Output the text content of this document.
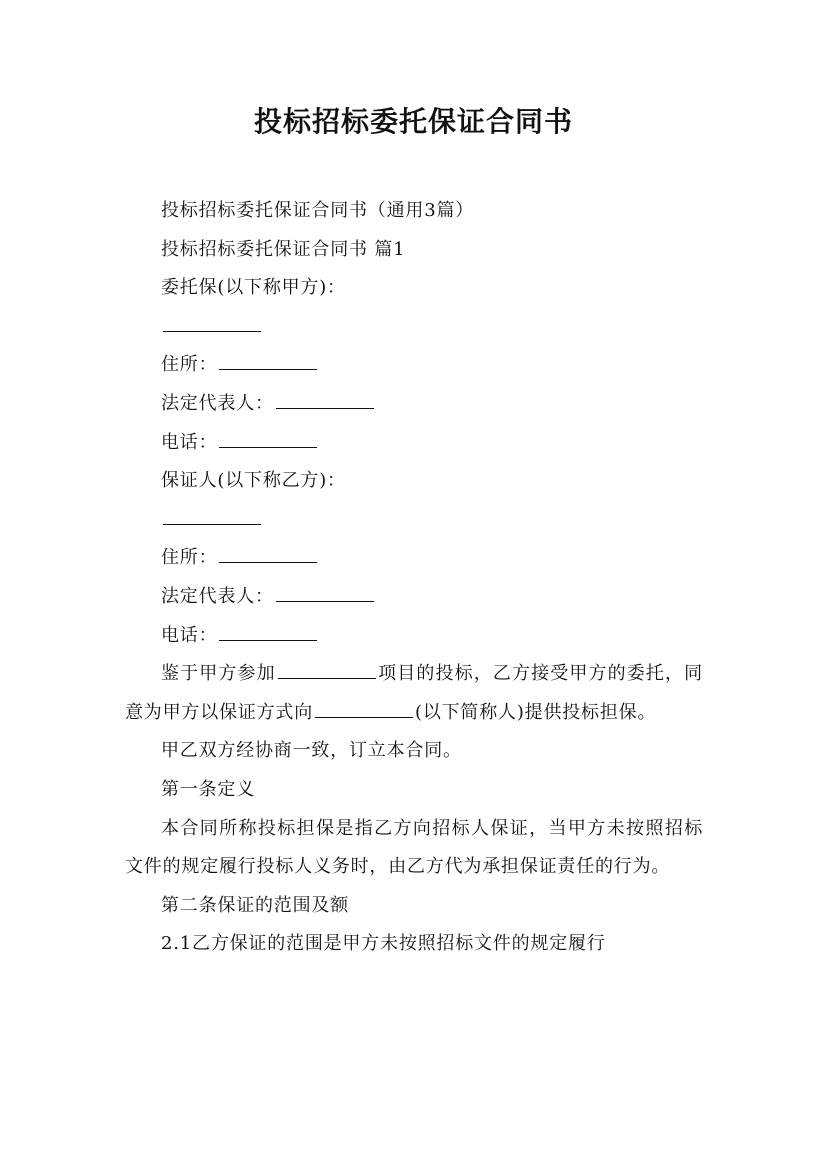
投标招标委托保证合同书

投标招标委托保证合同书（通用3篇）

投标招标委托保证合同书 篇1

委托保(以下称甲方)：

住所：

法定代表人：

电话：

保证人(以下称乙方)：

住所：

法定代表人：

电话：

鉴于甲方参加	项目的投标，乙方接受甲方的委托，同意为甲方以保证方式向	(以下简称人)提供投标担保。

甲乙双方经协商一致，订立本合同。

第一条定义

本合同所称投标担保是指乙方向招标人保证，当甲方未按照招标文件的规定履行投标人义务时，由乙方代为承担保证责任的行为。

第二条保证的范围及额

2.1乙方保证的范围是甲方未按照招标文件的规定履行
